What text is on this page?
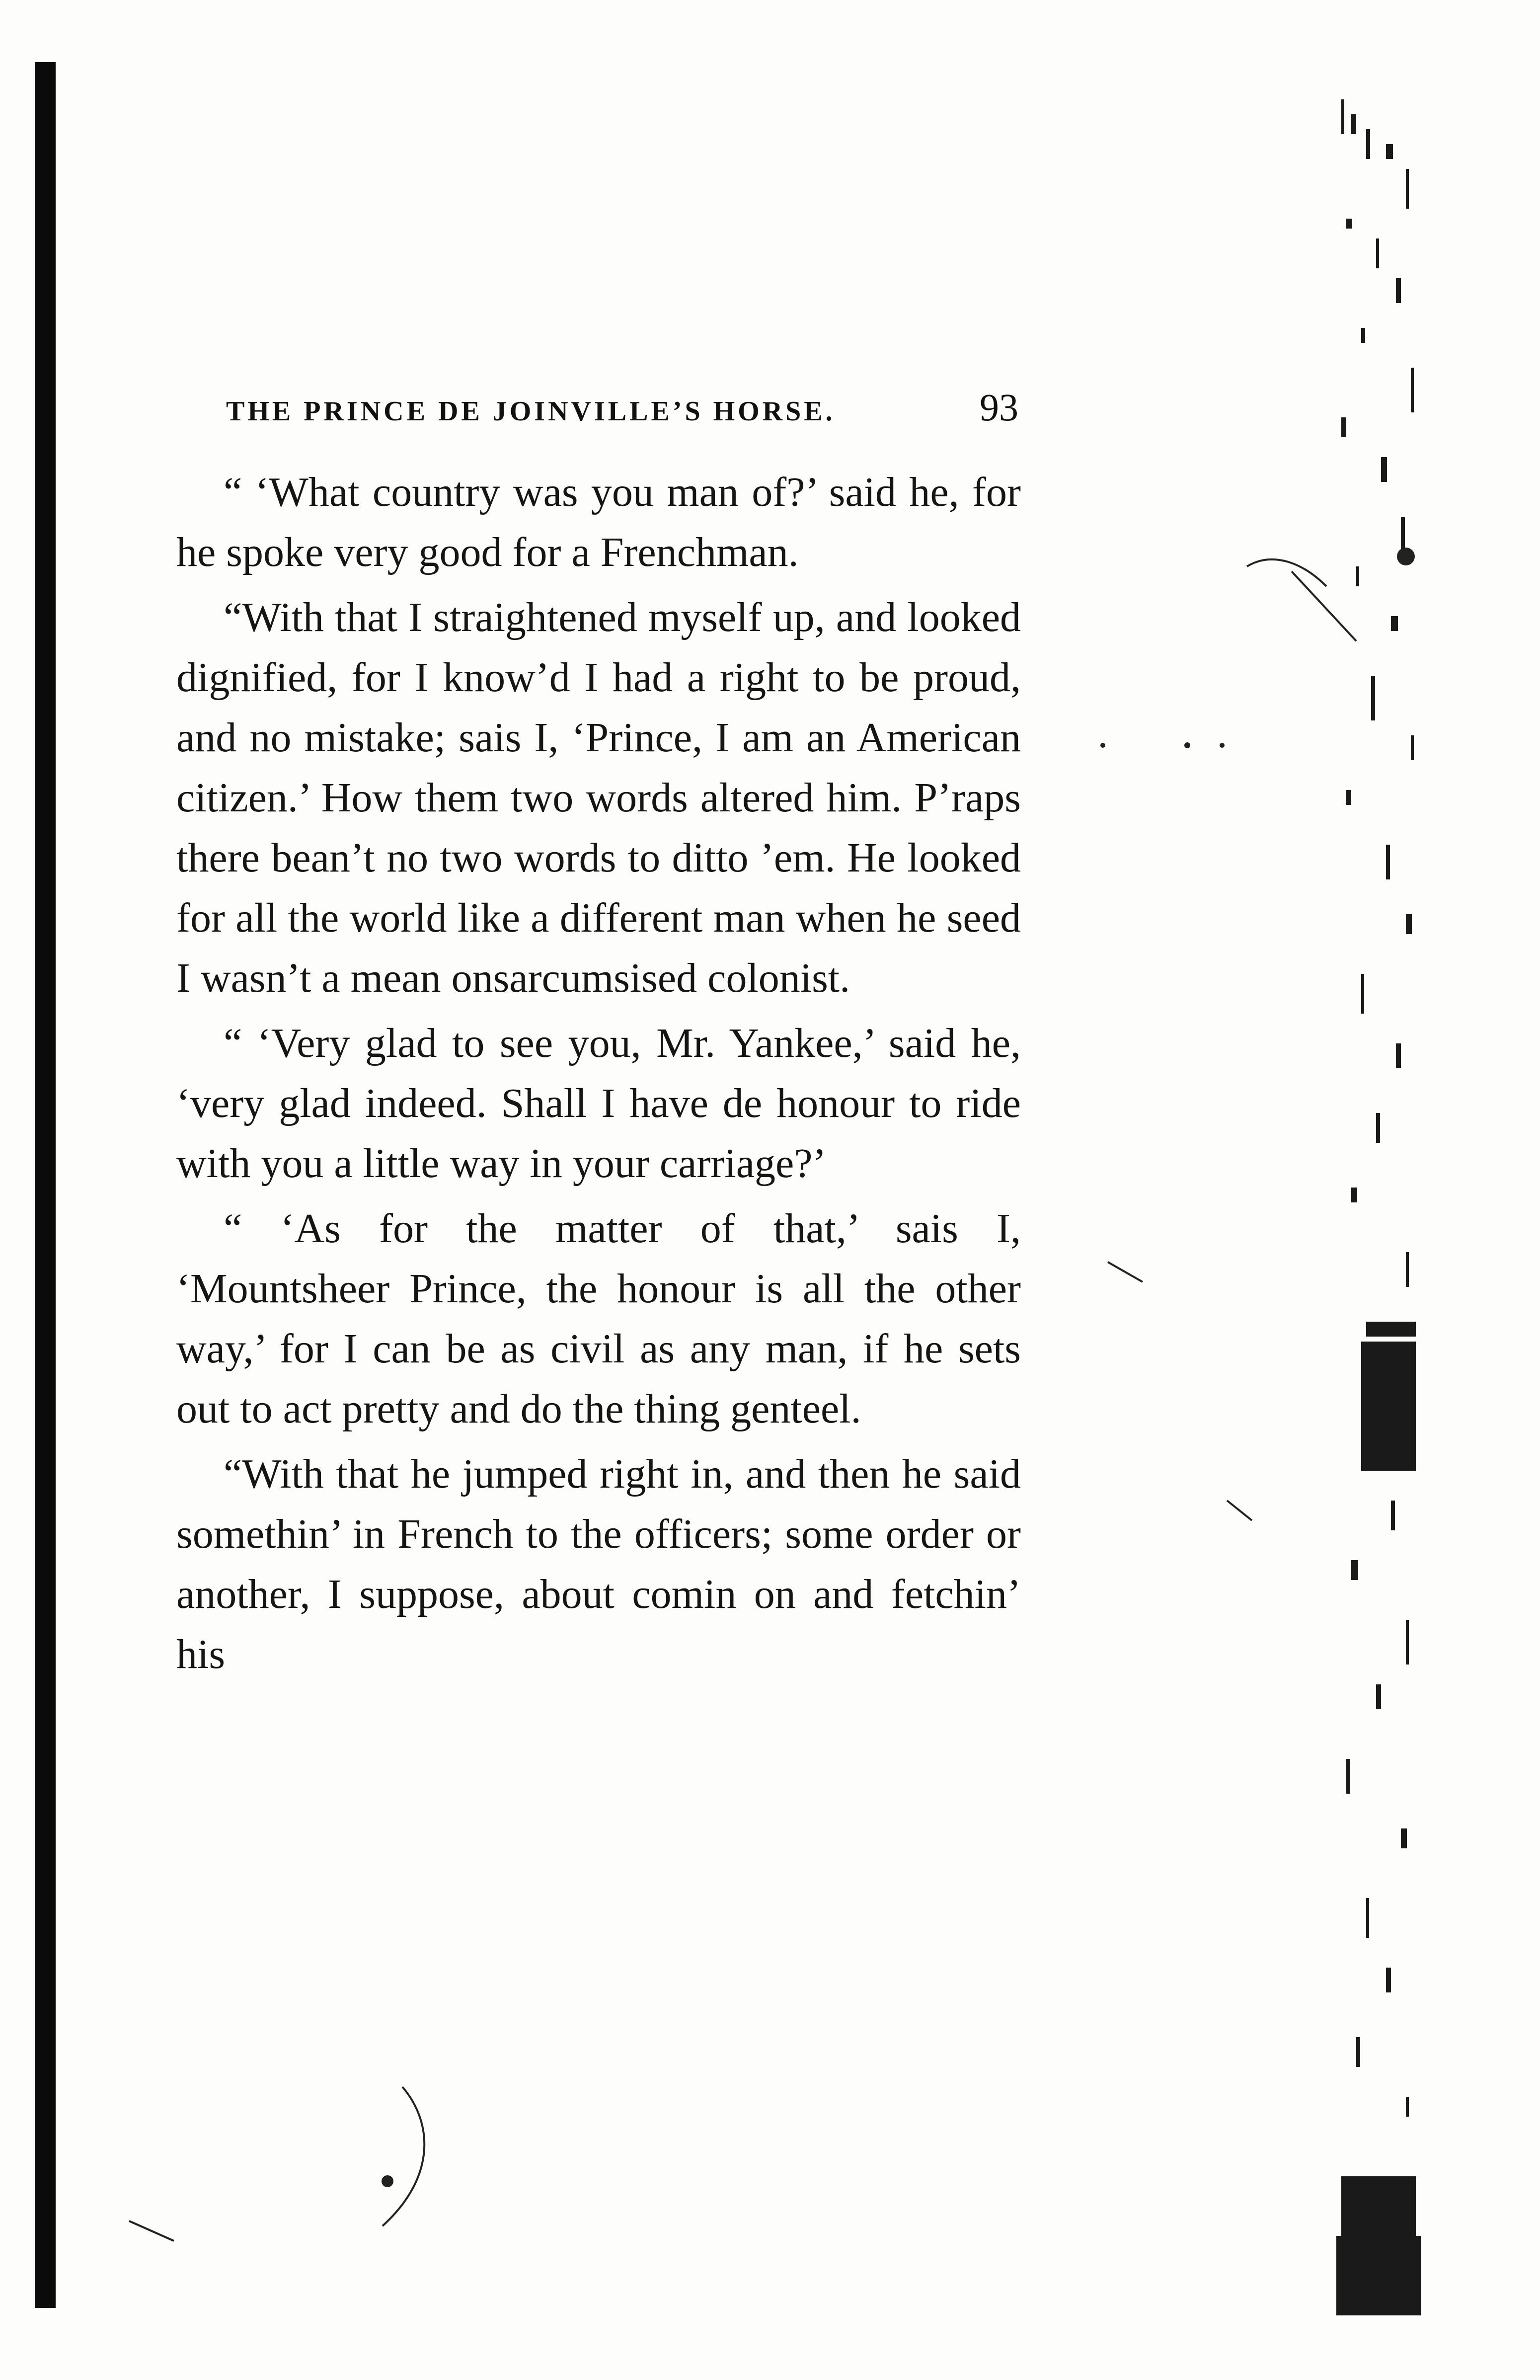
THE PRINCE DE JOINVILLE’S HORSE.	93

“ ‘What country was you man of?’ said he, for he spoke very good for a Frenchman.

“With that I straightened myself up, and looked dignified, for I know’d I had a right to be proud, and no mistake; sais I, ‘Prince, I am an American citizen.’ How them two words altered him. P’raps there bean’t no two words to ditto ’em. He looked for all the world like a different man when he seed I wasn’t a mean onsarcumsised colonist.

“ ‘Very glad to see you, Mr. Yankee,’ said he, ‘very glad indeed. Shall I have de honour to ride with you a little way in your carriage?’

“ ‘As for the matter of that,’ sais I, ‘Mountsheer Prince, the honour is all the other way,’ for I can be as civil as any man, if he sets out to act pretty and do the thing genteel.

“With that he jumped right in, and then he said somethin’ in French to the officers; some order or another, I suppose, about comin on and fetchin’ his
